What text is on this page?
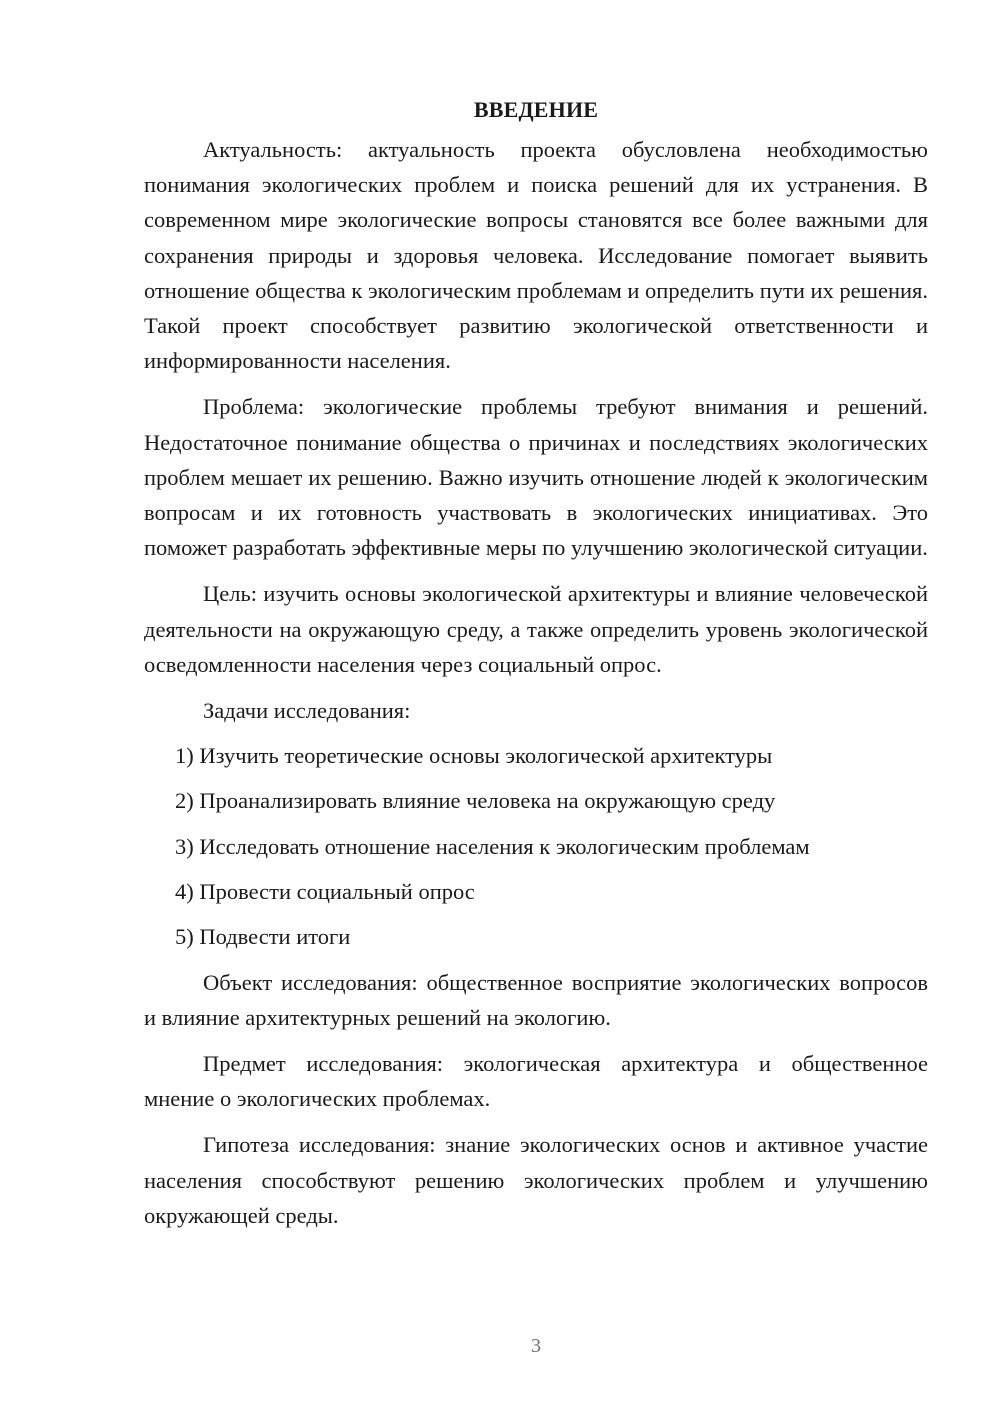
ВВЕДЕНИЕ

Актуальность: актуальность проекта обусловлена необходимостью понимания экологических проблем и поиска решений для их устранения. В современном мире экологические вопросы становятся все более важными для сохранения природы и здоровья человека. Исследование помогает выявить отношение общества к экологическим проблемам и определить пути их решения. Такой проект способствует развитию экологической ответственности и информированности населения.

Проблема: экологические проблемы требуют внимания и решений. Недостаточное понимание общества о причинах и последствиях экологических проблем мешает их решению. Важно изучить отношение людей к экологическим вопросам и их готовность участвовать в экологических инициативах. Это поможет разработать эффективные меры по улучшению экологической ситуации.

Цель: изучить основы экологической архитектуры и влияние человеческой деятельности на окружающую среду, а также определить уровень экологической осведомленности населения через социальный опрос.

Задачи исследования:

1) Изучить теоретические основы экологической архитектуры
2) Проанализировать влияние человека на окружающую среду
3) Исследовать отношение населения к экологическим проблемам
4) Провести социальный опрос
5) Подвести итоги

Объект исследования: общественное восприятие экологических вопросов и влияние архитектурных решений на экологию.

Предмет исследования: экологическая архитектура и общественное мнение о экологических проблемах.

Гипотеза исследования: знание экологических основ и активное участие населения способствуют решению экологических проблем и улучшению окружающей среды.

3
